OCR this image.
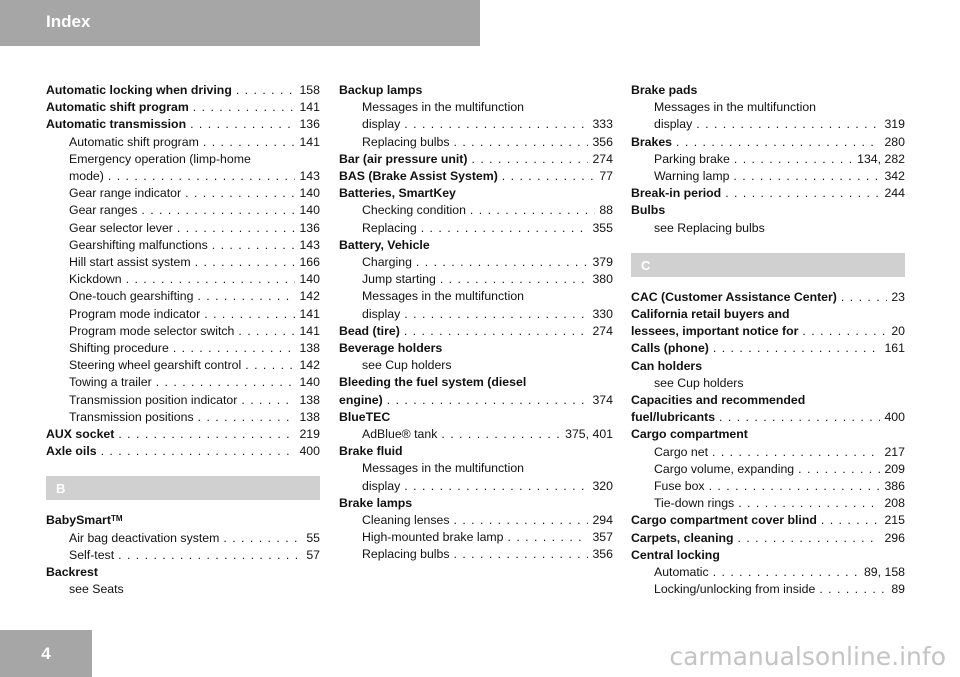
Index
Automatic locking when driving . . .	158
Automatic shift program . . .	141
Automatic transmission . . .	136
Automatic shift program . . .	141
Emergency operation (limp-home
mode) . . .	143
Gear range indicator . . .	140
Gear ranges . . .	140
Gear selector lever . . .	136
Gearshifting malfunctions . . .	143
Hill start assist system . . .	166
Kickdown . . .	140
One-touch gearshifting . . .	142
Program mode indicator . . .	141
Program mode selector switch . . .	141
Shifting procedure . . .	138
Steering wheel gearshift control . . .	142
Towing a trailer . . .	140
Transmission position indicator . . .	138
Transmission positions . . .	138
AUX socket . . .	219
Axle oils . . .	400
B
BabySmart™
Air bag deactivation system . . .	55
Self-test . . .	57
Backrest
see Seats
Backup lamps
Messages in the multifunction
display . . .	333
Replacing bulbs . . .	356
Bar (air pressure unit) . . .	274
BAS (Brake Assist System) . . .	77
Batteries, SmartKey
Checking condition . . .	88
Replacing . . .	355
Battery, Vehicle
Charging . . .	379
Jump starting . . .	380
Messages in the multifunction
display . . .	330
Bead (tire) . . .	274
Beverage holders
see Cup holders
Bleeding the fuel system (diesel
engine) . . .	374
BlueTEC
AdBlue® tank . . .	375, 401
Brake fluid
Messages in the multifunction
display . . .	320
Brake lamps
Cleaning lenses . . .	294
High-mounted brake lamp . . .	357
Replacing bulbs . . .	356
Brake pads
Messages in the multifunction
display . . .	319
Brakes . . .	280
Parking brake . . .	134, 282
Warning lamp . . .	342
Break-in period . . .	244
Bulbs
see Replacing bulbs
C
CAC (Customer Assistance Center) . . .	23
California retail buyers and
lessees, important notice for . . .	20
Calls (phone) . . .	161
Can holders
see Cup holders
Capacities and recommended
fuel/lubricants . . .	400
Cargo compartment
Cargo net . . .	217
Cargo volume, expanding . . .	209
Fuse box . . .	386
Tie-down rings . . .	208
Cargo compartment cover blind . . .	215
Carpets, cleaning . . .	296
Central locking
Automatic . . .	89, 158
Locking/unlocking from inside . . .	89
4	carmanualsonline.info
